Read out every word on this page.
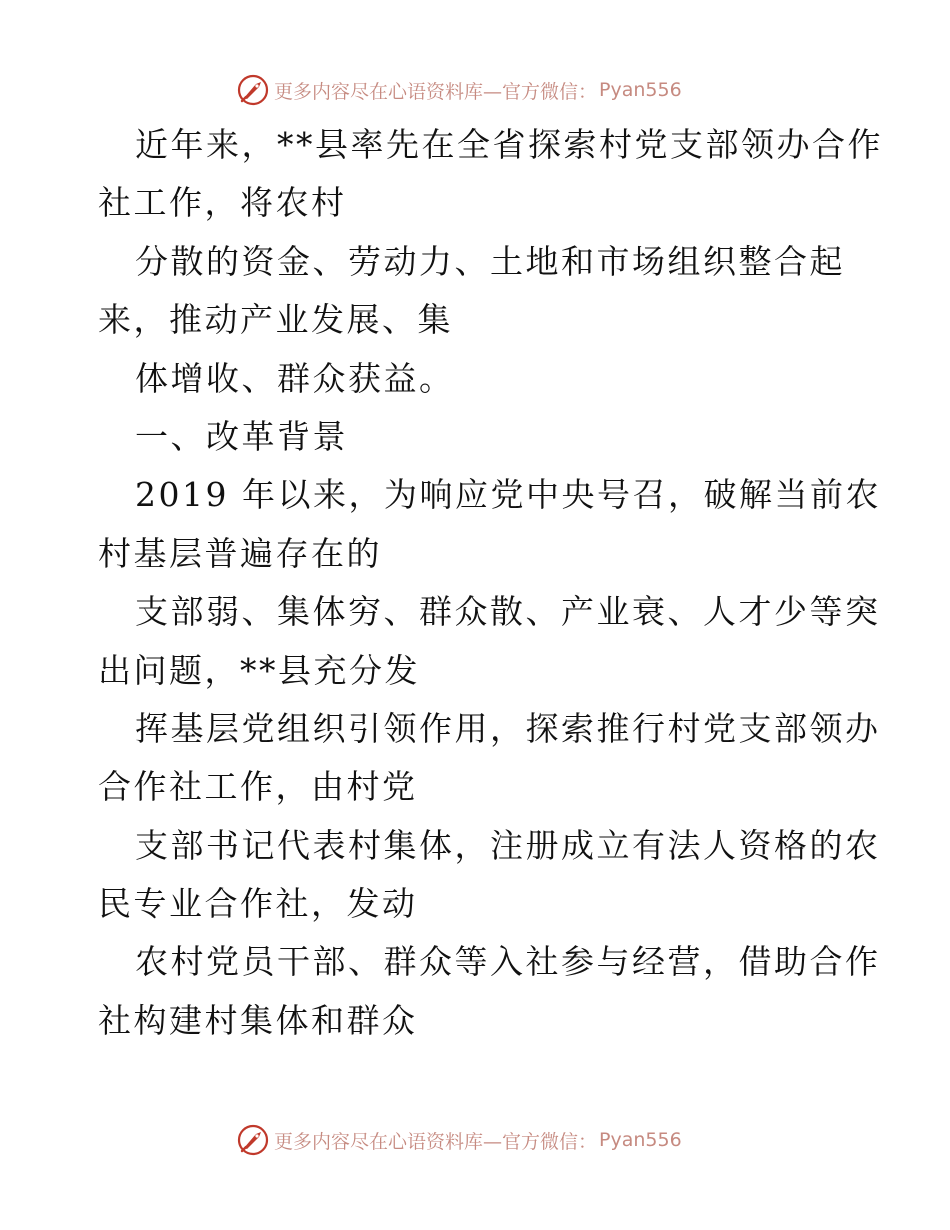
更多内容尽在心语资料库—官方微信： Pyan556
近年来，**县率先在全省探索村党支部领办合作
社工作，将农村
分散的资金、劳动力、土地和市场组织整合起
来，推动产业发展、集
体增收、群众获益。
一、改革背景
2019 年以来，为响应党中央号召，破解当前农
村基层普遍存在的
支部弱、集体穷、群众散、产业衰、人才少等突
出问题，**县充分发
挥基层党组织引领作用，探索推行村党支部领办
合作社工作，由村党
支部书记代表村集体，注册成立有法人资格的农
民专业合作社，发动
农村党员干部、群众等入社参与经营，借助合作
社构建村集体和群众
更多内容尽在心语资料库—官方微信： Pyan556
